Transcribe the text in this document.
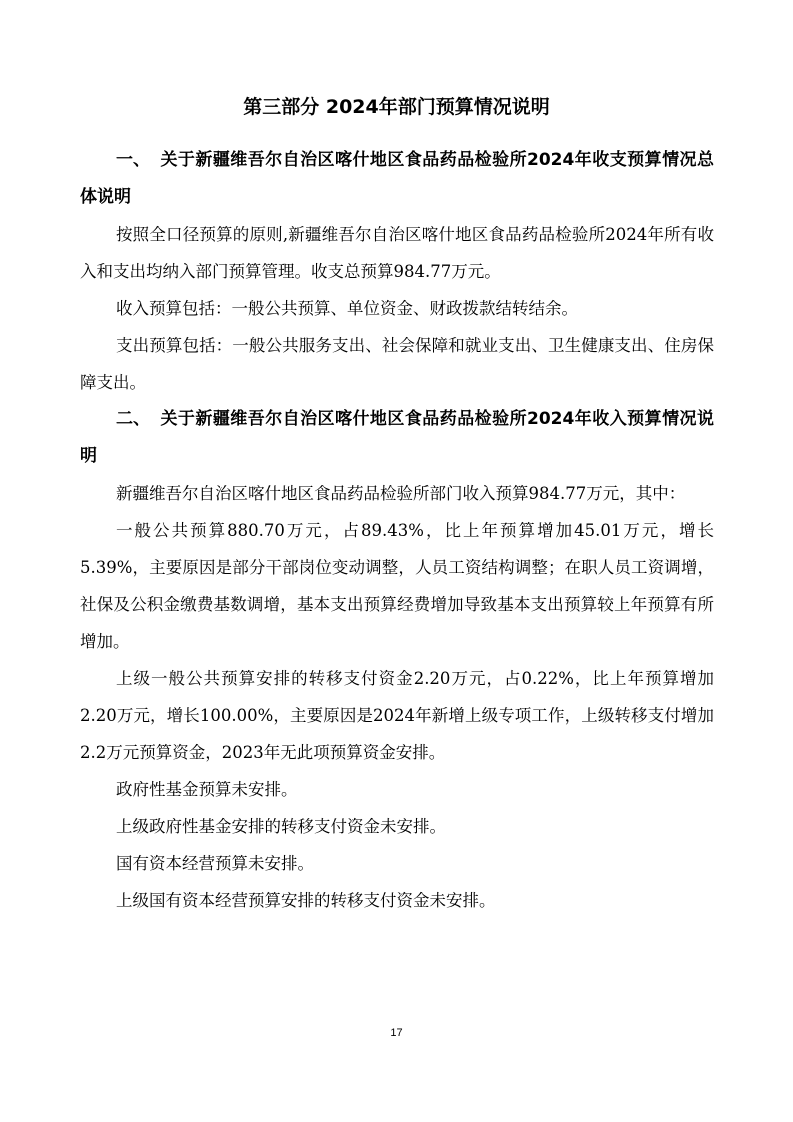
第三部分 2024年部门预算情况说明

一、 关于新疆维吾尔自治区喀什地区食品药品检验所2024年收支预算情况总体说明

按照全口径预算的原则,新疆维吾尔自治区喀什地区食品药品检验所2024年所有收入和支出均纳入部门预算管理。收支总预算984.77万元。

收入预算包括：一般公共预算、单位资金、财政拨款结转结余。

支出预算包括：一般公共服务支出、社会保障和就业支出、卫生健康支出、住房保障支出。

二、 关于新疆维吾尔自治区喀什地区食品药品检验所2024年收入预算情况说明

新疆维吾尔自治区喀什地区食品药品检验所部门收入预算984.77万元，其中：

一般公共预算880.70万元，占89.43%，比上年预算增加45.01万元，增长5.39%，主要原因是部分干部岗位变动调整，人员工资结构调整；在职人员工资调增，社保及公积金缴费基数调增，基本支出预算经费增加导致基本支出预算较上年预算有所增加。

上级一般公共预算安排的转移支付资金2.20万元，占0.22%，比上年预算增加2.20万元，增长100.00%，主要原因是2024年新增上级专项工作，上级转移支付增加2.2万元预算资金，2023年无此项预算资金安排。

政府性基金预算未安排。

上级政府性基金安排的转移支付资金未安排。

国有资本经营预算未安排。

上级国有资本经营预算安排的转移支付资金未安排。

17
